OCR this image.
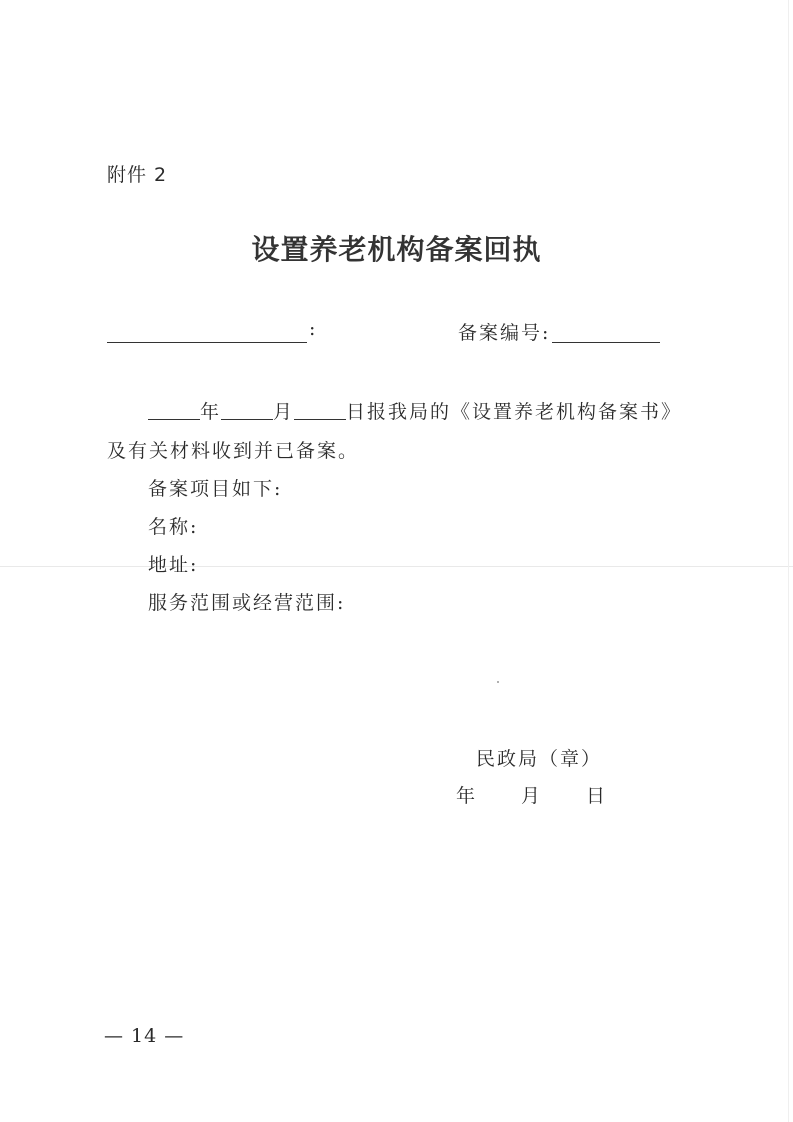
附件 2
设置养老机构备案回执
:	备案编号:
年	月	日报我局的《设置养老机构备案书》
及有关材料收到并已备案。
备案项目如下:
名称:
地址:
服务范围或经营范围:
民政局（章）
年 月 日
— 14 —
